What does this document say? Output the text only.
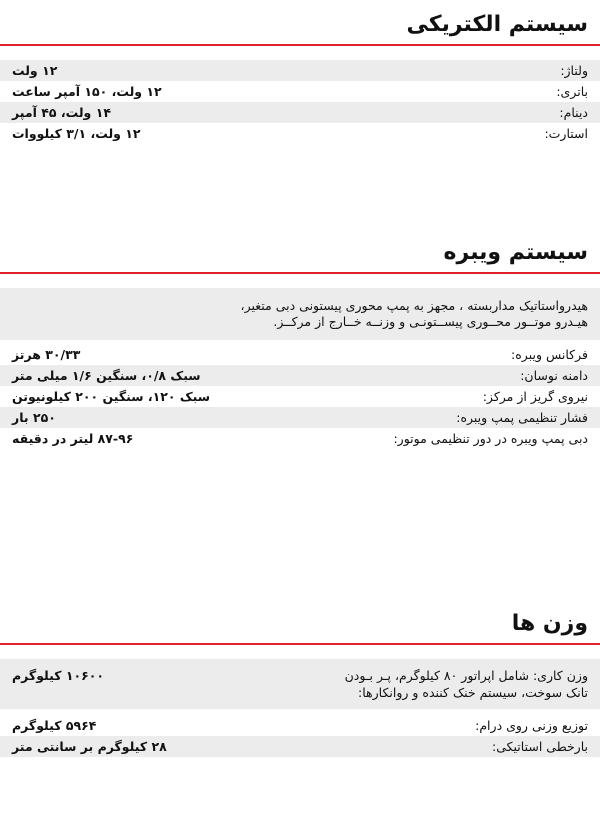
سیستم الکتریکی
ولتاژ:
۱۲ ولت
باتری:
۱۲ ولت، ۱۵۰ آمپر ساعت
دینام:
۱۴ ولت، ۴۵ آمپر
استارت:
۱۲ ولت، ۳/۱ کیلووات
سیستم ویبره
هیدرواستاتیک مداربسته ، مجهز به پمپ محوری پیستونی دبی متغیر،
هیـدرو موتــور محــوری پیســتونـی و وزنــه خــارج از مرکــز.
فرکانس ویبره:
۳۰/۳۳ هرتز
دامنه نوسان:
سبک ۰/۸، سنگین ۱/۶ میلی متر
نیروی گریز از مرکز:
سبک ۱۲۰، سنگین ۲۰۰ کیلونیوتن
فشار تنظیمی پمپ ویبره:
۲۵۰ بار
دبی پمپ ویبره در دور تنظیمی موتور:
۸۷-۹۶ لیتر در دقیقه
وزن ها
وزن کاری: شامل اپراتور ۸۰ کیلوگرم، پـر بـودن
تانک سوخت، سیستم خنک کننده و روانکارها:
۱۰۶۰۰ کیلوگرم
توزیع وزنی روی درام:
۵۹۶۴ کیلوگرم
بارخطی استاتیکی:
۲۸ کیلوگرم بر سانتی متر
